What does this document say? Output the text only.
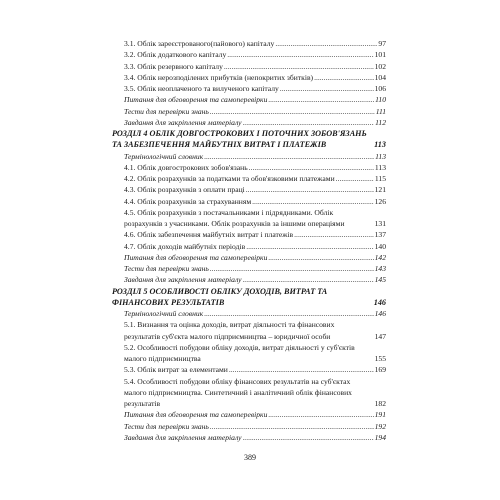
3.1. Облік зареєстрованого(пайового) капіталу .....	97
3.2. Облік додаткового капіталу .....	101
3.3. Облік резервного капіталу .....	102
3.4. Облік нерозподілених прибутків (непокритих збитків) .....	104
3.5. Облік неоплаченого та вилученого капіталу .....	106
Питання для обговорення та самоперевірки .....	110
Тести для перевірки знань .....	111
Завдання для закріплення матеріалу .....	112
РОЗДІЛ 4 ОБЛІК ДОВГОСТРОКОВИХ І ПОТОЧНИХ ЗОБОВ'ЯЗАНЬ ТА ЗАБЕЗПЕЧЕННЯ МАЙБУТНІХ ВИТРАТ І ПЛАТЕЖІВ	113
Термінологічний словник .....	113
4.1. Облік довгострокових зобов'язань .....	113
4.2. Облік розрахунків за податками та обов'язковими платежами .....	115
4.3. Облік розрахунків з оплати праці .....	121
4.4. Облік розрахунків за страхуванням .....	126
4.5. Облік розрахунків з постачальниками і підрядниками. Облік розрахунків з учасниками. Облік розрахунків за іншими операціями	131
4.6. Облік забезпечення майбутніх витрат і платежів .....	137
4.7. Облік доходів майбутніх періодів .....	140
Питання для обговорення та самоперевірки .....	142
Тести для перевірки знань .....	143
Завдання для закріплення матеріалу .....	145
РОЗДІЛ 5 ОСОБЛИВОСТІ ОБЛІКУ ДОХОДІВ, ВИТРАТ ТА ФІНАНСОВИХ РЕЗУЛЬТАТІВ	146
Термінологічний словник .....	146
5.1. Визнання та оцінка доходів, витрат діяльності та фінансових результатів суб'єкта малого підприємництва – юридичної особи	147
5.2. Особливості побудови обліку доходів, витрат діяльності у суб'єктів малого підприємництва	155
5.3. Облік витрат за елементами .....	169
5.4. Особливості побудови обліку фінансових результатів на суб'єктах малого підприємництва. Синтетичний і аналітичний облік фінансових результатів	182
Питання для обговорення та самоперевірки .....	191
Тести для перевірки знань .....	192
Завдання для закріплення матеріалу .....	194
389
